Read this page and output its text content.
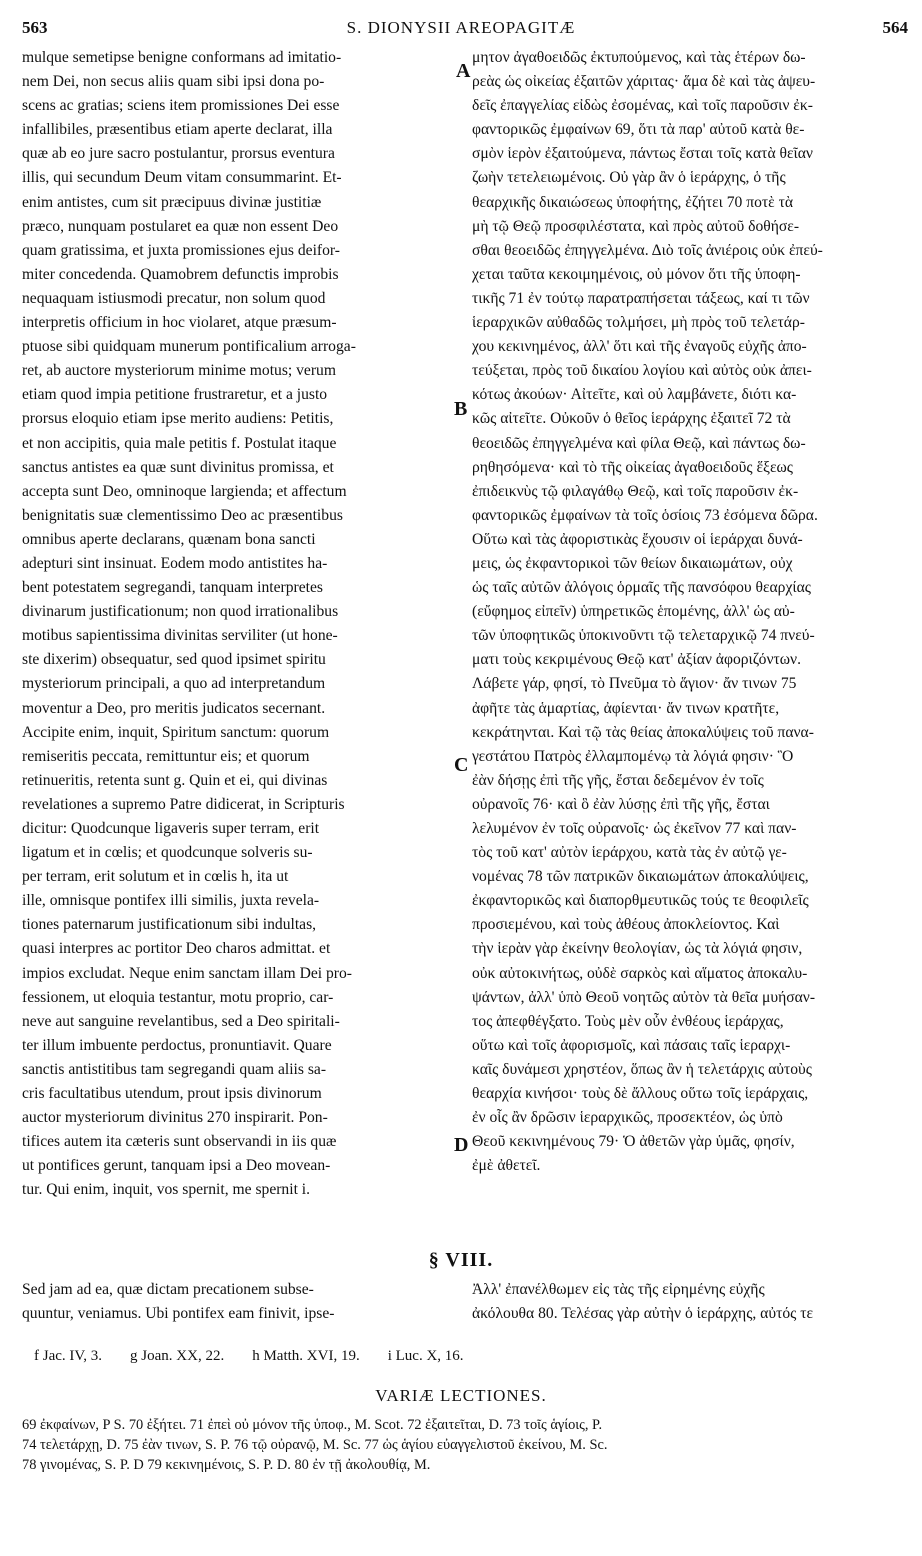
563	S. DIONYSII AREOPAGITÆ	564
mulque semetipse benigne conformans ad imitatio-
nem Dei, non secus aliis quam sibi ipsi dona po-
scens ac gratias; sciens item promissiones Dei esse
infallibiles, præsentibus etiam aperte declarat, illa
quæ ab eo jure sacro postulantur, prorsus eventura
illis, qui secundum Deum vitam consummarint. Et-
enim antistes, cum sit præcipuus divinæ justitiæ
præco, nunquam postularet ea quæ non essent Deo
quam gratissima, et juxta promissiones ejus deifor-
miter concedenda. Quamobrem defunctis improbis
nequaquam istiusmodi precatur, non solum quod
interpretis officium in hoc violaret, atque præsum-
ptuose sibi quidquam munerum pontificalium arroga-
ret, ab auctore mysteriorum minime motus; verum
etiam quod impia petitione frustraretur, et a justo
prorsus eloquio etiam ipse merito audiens: Petitis,
et non accipitis, quia male petitis f. Postulat itaque
sanctus antistes ea quæ sunt divinitus promissa, et
accepta sunt Deo, omninoque largienda; et affectum
benignitatis suæ clementissimo Deo ac præsentibus
omnibus aperte declarans, quænam bona sancti
adepturi sint insinuat. Eodem modo antistites ha-
bent potestatem segregandi, tanquam interpretes
divinarum justificationum; non quod irrationalibus
motibus sapientissima divinitas serviliter (ut hone-
ste dixerim) obsequatur, sed quod ipsimet spiritu
mysteriorum principali, a quo ad interpretandum
moventur a Deo, pro meritis judicatos secernant.
Accipite enim, inquit, Spiritum sanctum: quorum
remiseritis peccata, remittuntur eis; et quorum
retinueritis, retenta sunt g. Quin et ei, qui divinas
revelationes a supremo Patre didicerat, in Scripturis
dicitur: Quodcunque ligaveris super terram, erit
ligatum et in cœlis; et quodcunque solveris su-
per terram, erit solutum et in cœlis h, ita ut
ille, omnisque pontifex illi similis, juxta revela-
tiones paternarum justificationum sibi indultas,
quasi interpres ac portitor Deo charos admittat. et
impios excludat. Neque enim sanctam illam Dei pro-
fessionem, ut eloquia testantur, motu proprio, car-
neve aut sanguine revelantibus, sed a Deo spiritali-
ter illum imbuente perdoctus, pronuntiavit. Quare
sanctis antistitibus tam segregandi quam aliis sa-
cris facultatibus utendum, prout ipsis divinorum
auctor mysteriorum divinitus 270 inspirarit. Pon-
tifices autem ita cæteris sunt observandi in iis quæ
ut pontifices gerunt, tanquam ipsi a Deo movean-
tur. Qui enim, inquit, vos spernit, me spernit i.
μητον ἀγαθοειδῶς ἐκτυπούμενος, καὶ τὰς ἑτέρων δω-
ρεὰς ὡς οἰκείας ἐξαιτῶν χάριτας· ἅμα δὲ καὶ τὰς ἀψευ-
δεῖς ἐπαγγελίας εἰδὼς ἐσομένας, καὶ τοῖς παροῦσιν ἐκ-
φαντορικῶς ἐμφαίνων 69, ὅτι τὰ παρ' αὐτοῦ κατὰ θε-
σμὸν ἱερὸν ἐξαιτούμενα, πάντως ἔσται τοῖς κατὰ θεῖαν
ζωὴν τετελειωμένοις. Οὐ γὰρ ἂν ὁ ἱεράρχης, ὁ τῆς
θεαρχικῆς δικαιώσεως ὑποφήτης, ἐζήτει 70 ποτὲ τὰ
μὴ τῷ Θεῷ προσφιλέστατα, καὶ πρὸς αὐτοῦ δοθήσε-
σθαι θεοειδῶς ἐπηγγελμένα. Διὸ τοῖς ἀνιέροις οὐκ ἐπεύ-
χεται ταῦτα κεκοιμημένοις, οὐ μόνον ὅτι τῆς ὑποφη-
τικῆς 71 ἐν τούτῳ παρατραπήσεται τάξεως, καί τι τῶν
ἱεραρχικῶν αὐθαδῶς τολμήσει, μὴ πρὸς τοῦ τελετάρ-
χου κεκινημένος, ἀλλ' ὅτι καὶ τῆς ἐναγοῦς εὐχῆς ἀπο-
τεύξεται, πρὸς τοῦ δικαίου λογίου καὶ αὐτὸς οὐκ ἀπει-
κότως ἀκούων· Αἰτεῖτε, καὶ οὐ λαμβάνετε, διότι κα-
κῶς αἰτεῖτε. Οὐκοῦν ὁ θεῖος ἱεράρχης ἐξαιτεῖ 72 τὰ
θεοειδῶς ἐπηγγελμένα καὶ φίλα Θεῷ, καὶ πάντως δω-
ρηθησόμενα· καὶ τὸ τῆς οἰκείας ἀγαθοειδοῦς ἕξεως
ἐπιδεικνὺς τῷ φιλαγάθῳ Θεῷ, καὶ τοῖς παροῦσιν ἐκ-
φαντορικῶς ἐμφαίνων τὰ τοῖς ὁσίοις 73 ἐσόμενα δῶρα.
Οὕτω καὶ τὰς ἀφοριστικὰς ἔχουσιν οἱ ἱεράρχαι δυνά-
μεις, ὡς ἐκφαντορικοὶ τῶν θείων δικαιωμάτων, οὐχ
ὡς ταῖς αὐτῶν ἀλόγοις ὁρμαῖς τῆς πανσόφου θεαρχίας
(εὔφημος εἰπεῖν) ὑπηρετικῶς ἑπομένης, ἀλλ' ὡς αὐ-
τῶν ὑποφητικῶς ὑποκινοῦντι τῷ τελεταρχικῷ 74 πνεύ-
ματι τοὺς κεκριμένους Θεῷ κατ' ἀξίαν ἀφοριζόντων.
Λάβετε γάρ, φησί, τὸ Πνεῦμα τὸ ἅγιον· ἄν τινων 75
ἀφῆτε τὰς ἁμαρτίας, ἀφίενται· ἄν τινων κρατῆτε,
κεκράτηνται. Καὶ τῷ τὰς θείας ἀποκαλύψεις τοῦ πανα-
γεστάτου Πατρὸς ἐλλαμπομένῳ τὰ λόγιά φησιν· Ὃ
ἐὰν δήσῃς ἐπὶ τῆς γῆς, ἔσται δεδεμένον ἐν τοῖς
οὐρανοῖς 76· καὶ ὃ ἐὰν λύσῃς ἐπὶ τῆς γῆς, ἔσται
λελυμένον ἐν τοῖς οὐρανοῖς· ὡς ἐκεῖνον 77 καὶ παν-
τὸς τοῦ κατ' αὐτὸν ἱεράρχου, κατὰ τὰς ἐν αὐτῷ γε-
νομένας 78 τῶν πατρικῶν δικαιωμάτων ἀποκαλύψεις,
ἐκφαντορικῶς καὶ διαπορθμευτικῶς τούς τε θεοφιλεῖς
προσιεμένου, καὶ τοὺς ἀθέους ἀποκλείοντος. Καὶ
τὴν ἱερὰν γὰρ ἐκείνην θεολογίαν, ὡς τὰ λόγιά φησιν,
οὐκ αὐτοκινήτως, οὐδὲ σαρκὸς καὶ αἵματος ἀποκαλυ-
ψάντων, ἀλλ' ὑπὸ Θεοῦ νοητῶς αὐτὸν τὰ θεῖα μυήσαν-
τος ἀπεφθέγξατο. Τοὺς μὲν οὖν ἐνθέους ἱεράρχας,
οὕτω καὶ τοῖς ἀφορισμοῖς, καὶ πάσαις ταῖς ἱεραρχι-
καῖς δυνάμεσι χρηστέον, ὅπως ἂν ἡ τελετάρχις αὐτοὺς
θεαρχία κινήσοι· τοὺς δὲ ἄλλους οὕτω τοῖς ἱεράρχαις,
ἐν οἷς ἂν δρῶσιν ἱεραρχικῶς, προσεκτέον, ὡς ὑπὸ
Θεοῦ κεκινημένους 79· Ὁ ἀθετῶν γὰρ ὑμᾶς, φησίν,
ἐμὲ ἀθετεῖ.
A
B
C
D
§ VIII.
Sed jam ad ea, quæ dictam precationem subse-
quuntur, veniamus. Ubi pontifex eam finivit, ipse-
Ἀλλ' ἐπανέλθωμεν εἰς τὰς τῆς εἰρημένης εὐχῆς
ἀκόλουθα 80. Τελέσας γὰρ αὐτὴν ὁ ἱεράρχης, αὐτός τε
f Jac. IV, 3. g Joan. XX, 22. h Matth. XVI, 19. i Luc. X, 16.
VARIÆ LECTIONES.
69 ἐκφαίνων, P S. 70 ἐξήτει. 71 ἐπεὶ οὐ μόνον τῆς ὑποφ., M. Scot. 72 ἐξαιτεῖται, D. 73 τοῖς ἁγίοις, P.
74 τελετάρχῃ, D. 75 ἐὰν τινων, S. P. 76 τῷ οὐρανῷ, M. Sc. 77 ὡς ἁγίου εὐαγγελιστοῦ ἐκείνου, M. Sc.
78 γινομένας, S. P. D 79 κεκινημένοις, S. P. D. 80 ἐν τῇ ἀκολουθίᾳ, M.
